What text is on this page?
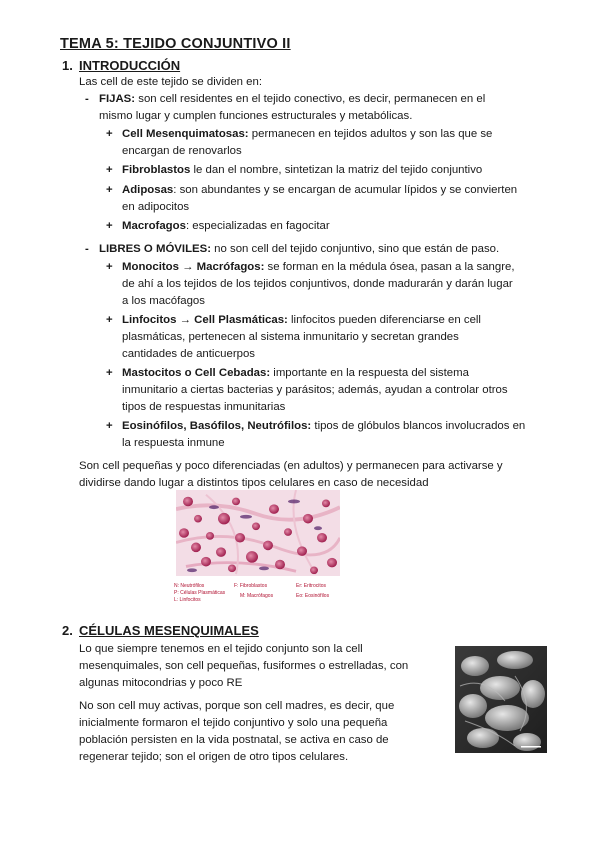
TEMA 5: TEJIDO CONJUNTIVO II
1. INTRODUCCIÓN
Las cell de este tejido se dividen en:
- FIJAS: son cell residentes en el tejido conectivo, es decir, permanecen en el
mismo lugar y cumplen funciones estructurales y metabólicas.
+ Cell Mesenquimatosas: permanecen en tejidos adultos y son las que se
encargan de renovarlos
+ Fibroblastos le dan el nombre, sintetizan la matriz del tejido conjuntivo
+ Adiposas: son abundantes y se encargan de acumular lípidos y se convierten
en adipocitos
+ Macrofagos: especializadas en fagocitar
- LIBRES O MÓVILES: no son cell del tejido conjuntivo, sino que están de paso.
+ Monocitos → Macrófagos: se forman en la médula ósea, pasan a la sangre,
de ahí a los tejidos de los tejidos conjuntivos, donde madurarán y darán lugar
a los macófagos
+ Linfocitos → Cell Plasmáticas: linfocitos pueden diferenciarse en cell
plasmáticas, pertenecen al sistema inmunitario y secretan grandes
cantidades de anticuerpos
+ Mastocitos o Cell Cebadas: importante en la respuesta del sistema
inmunitario a ciertas bacterias y parásitos; además, ayudan a controlar otros
tipos de respuestas inmunitarias
+ Eosinófilos, Basófilos, Neutrófilos: tipos de glóbulos blancos involucrados en
la respuesta inmune
Son cell pequeñas y poco diferenciadas (en adultos) y permanecen para activarse y
dividirse dando lugar a distintos tipos celulares en caso de necesidad
N: Neutrófilos
P: Células Plasmáticas
L: Linfocitos
F: Fibroblastos
M: Macrófagos
Er: Eritrocitos
Eo: Eosinófilos
2. CÉLULAS MESENQUIMALES
Lo que siempre tenemos en el tejido conjunto son la cell
mesenquimales, son cell pequeñas, fusiformes o estrelladas, con
algunas mitocondrias y poco RE
No son cell muy activas, porque son cell madres, es decir, que
inicialmente formaron el tejido conjuntivo y solo una pequeña
población persisten en la vida postnatal, se activa en caso de
regenerar tejido; son el origen de otro tipos celulares.
